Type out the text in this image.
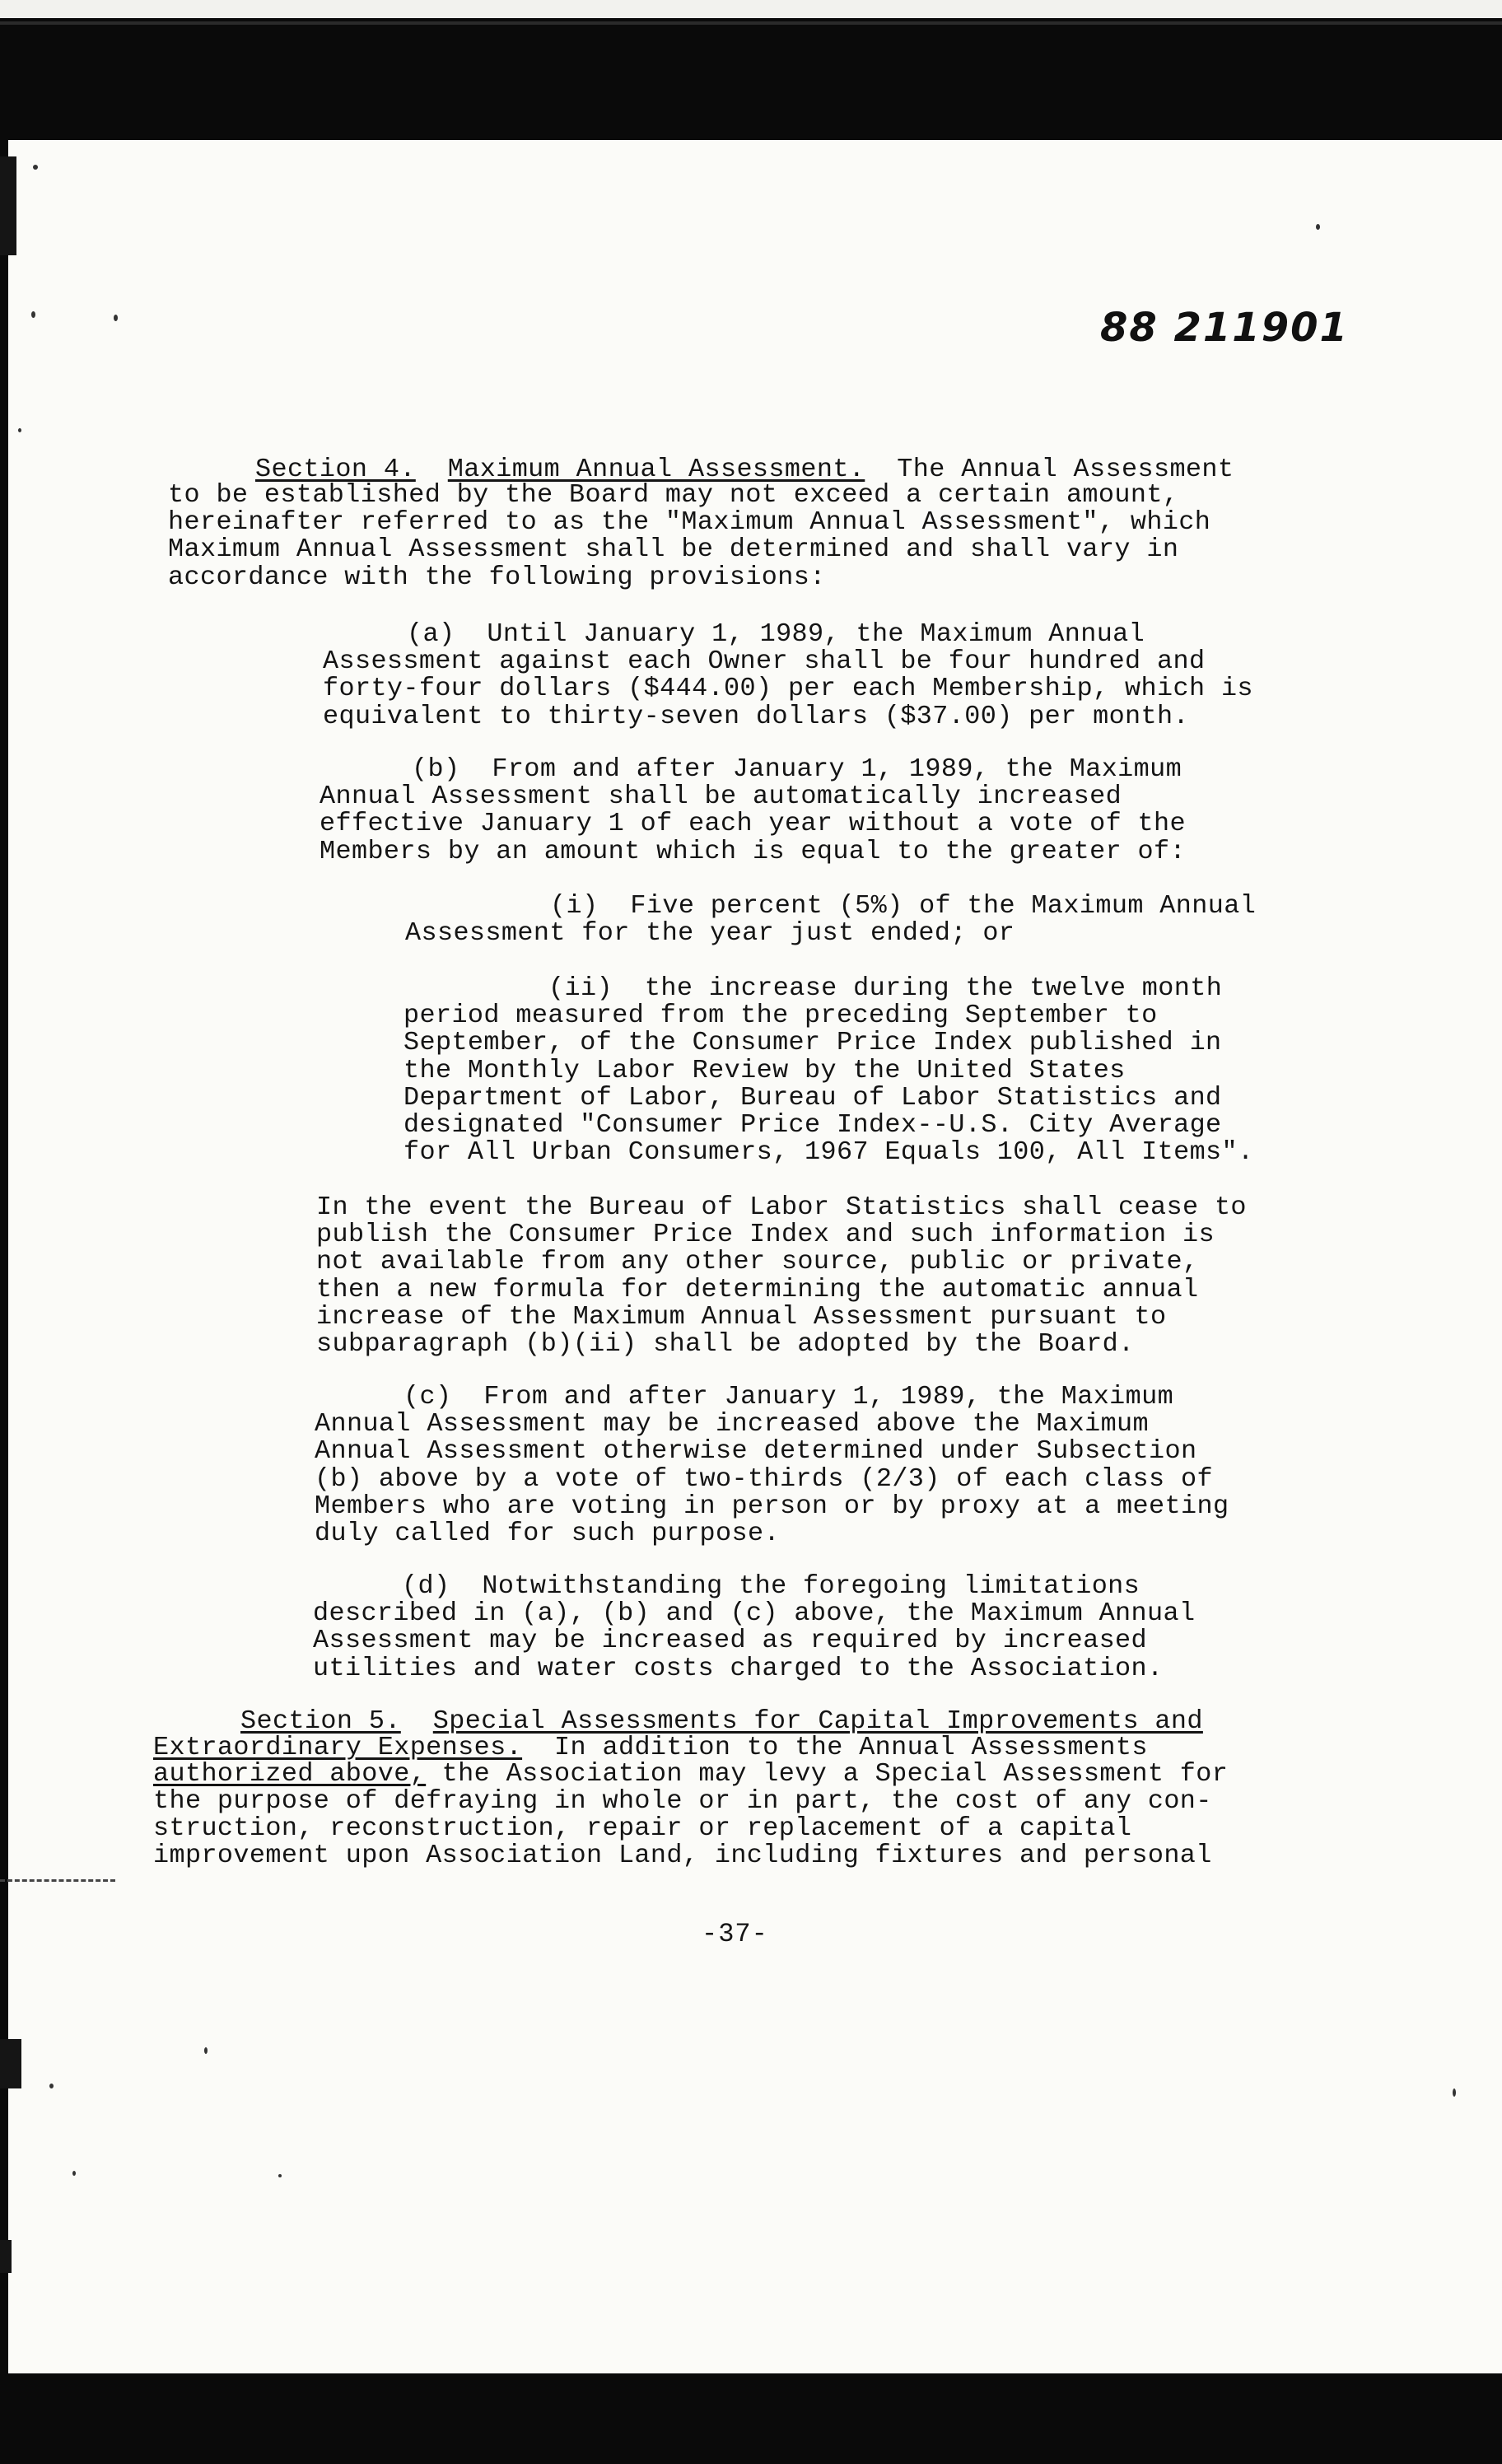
88 211901
Section 4. Maximum Annual Assessment. The Annual Assessment
to be established by the Board may not exceed a certain amount,
hereinafter referred to as the "Maximum Annual Assessment", which
Maximum Annual Assessment shall be determined and shall vary in
accordance with the following provisions:
(a)  Until January 1, 1989, the Maximum Annual
Assessment against each Owner shall be four hundred and
forty-four dollars ($444.00) per each Membership, which is
equivalent to thirty-seven dollars ($37.00) per month.
(b)  From and after January 1, 1989, the Maximum
Annual Assessment shall be automatically increased
effective January 1 of each year without a vote of the
Members by an amount which is equal to the greater of:
(i)  Five percent (5%) of the Maximum Annual
Assessment for the year just ended; or
(ii)  the increase during the twelve month
period measured from the preceding September to
September, of the Consumer Price Index published in
the Monthly Labor Review by the United States
Department of Labor, Bureau of Labor Statistics and
designated "Consumer Price Index--U.S. City Average
for All Urban Consumers, 1967 Equals 100, All Items".
In the event the Bureau of Labor Statistics shall cease to
publish the Consumer Price Index and such information is
not available from any other source, public or private,
then a new formula for determining the automatic annual
increase of the Maximum Annual Assessment pursuant to
subparagraph (b)(ii) shall be adopted by the Board.
(c)  From and after January 1, 1989, the Maximum
Annual Assessment may be increased above the Maximum
Annual Assessment otherwise determined under Subsection
(b) above by a vote of two-thirds (2/3) of each class of
Members who are voting in person or by proxy at a meeting
duly called for such purpose.
(d)  Notwithstanding the foregoing limitations
described in (a), (b) and (c) above, the Maximum Annual
Assessment may be increased as required by increased
utilities and water costs charged to the Association.
Section 5. Special Assessments for Capital Improvements and
Extraordinary Expenses. In addition to the Annual Assessments
authorized above, the Association may levy a Special Assessment for
the purpose of defraying in whole or in part, the cost of any con-
struction, reconstruction, repair or replacement of a capital
improvement upon Association Land, including fixtures and personal
-37-
